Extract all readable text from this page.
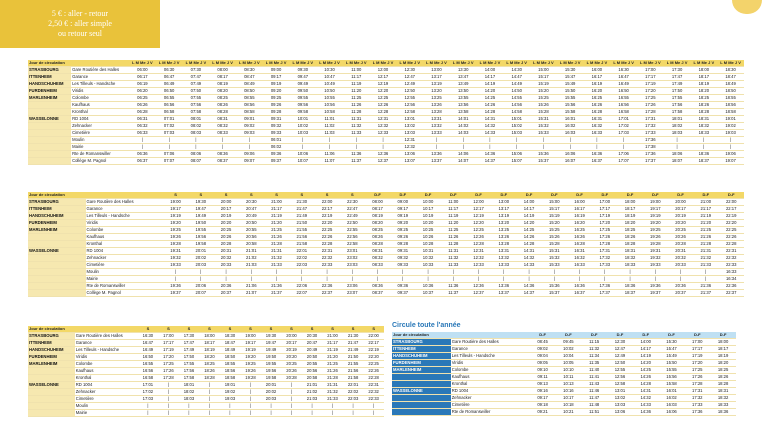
5 € : aller - retour
2,50 € : aller simple
ou retour seul
Jour de circulation		L M Me J V	L M Me J V	L M Me J V	L M Me J V	L M Me J V	L M Me J V	L M Me J V	L M Me J V	L M Me J V	L M Me J V	L M Me J V	L M Me J V	L M Me J V	L M Me J V	L M Me J V	L M Me J V	L M Me J V	L M Me J V	L M Me J V	L M Me J V	L M Me J V	L M Me J V	L M Me J V
STRASBOURG	Gare Routière des Halles	06:00	06:30	07:30	08:00	08:30	09:00	09:30	10:30	11:00	12:00	12:30	13:00	13:30	14:00	14:30	15:00	15:30	16:00	16:30	17:00	17:30	18:00	18:30
ITTENHEIM	Garance	06:17	06:47	07:47	08:17	08:47	09:17	09:47	10:47	11:17	12:17	12:47	13:17	13:47	14:17	14:47	15:17	15:47	16:17	16:47	17:17	17:47	18:17	18:47
HANDSCHUHEIM	Les Tilleuls - Handsche	06:19	06:49	07:49	08:19	08:49	09:19	09:49	10:49	11:19	12:19	12:49	13:19	13:49	14:19	14:49	15:19	15:49	16:19	16:49	17:19	17:49	18:19	18:49
FURDENHEIM	Viridis	06:20	06:50	07:50	08:20	08:50	09:20	09:50	10:50	11:20	12:20	12:50	13:20	13:50	14:20	14:50	15:20	15:50	16:20	16:50	17:20	17:50	18:20	18:50
MARLENHEIM	Colombe	06:25	06:55	07:55	08:25	08:55	09:25	09:55	10:55	11:25	12:25	12:55	13:25	13:55	14:25	14:55	15:25	15:55	16:25	16:55	17:25	17:55	18:25	18:55
	Kaufhaus	06:26	06:56	07:56	08:26	08:56	09:26	09:56	10:56	11:26	12:26	12:56	13:26	13:56	14:26	14:56	15:26	15:56	16:26	16:56	17:26	17:56	18:26	18:56
	Kronthal	06:28	06:58	07:58	08:28	08:58	09:28	09:58	10:58	11:28	12:28	12:58	13:28	13:58	14:28	14:58	15:28	15:58	16:28	16:58	17:28	17:58	18:28	18:58
WASSELONNE	RD 1004	06:31	07:01	08:01	08:31	09:01	09:31	10:01	11:01	11:31	12:31	13:01	13:31	14:01	14:31	15:01	15:31	16:01	16:31	17:01	17:31	18:01	18:31	19:01
	Zehnacker	06:32	07:02	08:02	08:32	09:02	09:32	10:02	11:02	11:32	12:32	13:02	13:32	14:02	14:32	15:02	15:32	16:02	16:32	17:02	17:32	18:02	18:32	19:02
	Cimetière	06:33	07:03	08:03	08:33	09:03	09:33	10:03	11:03	11:33	12:33	13:03	13:33	14:03	14:33	15:03	15:33	16:03	16:33	17:03	17:33	18:03	18:33	19:03
	Moulin	|	|	|	|	|	06:01	|	|	|	|	12:31	|	|	|	|	|	|	|	|	17:36	|	|	|
	Mairie	|	|	|	|	|	06:02	|	|	|	|	12:32	|	|	|	|	|	|	|	|	17:38	|	|	|
	Rte de Romanswiller	06:36	07:06	08:06	08:36	09:06	09:36	10:06	11:06	11:36	12:36	13:06	13:36	14:06	14:36	15:06	15:36	16:06	16:36	17:06	17:36	18:06	18:36	19:06
	Collège M. Pagnol	06:37	07:07	08:07	08:37	09:07	09:37	10:07	11:07	11:37	12:37	13:07	13:37	14:07	14:37	15:07	15:37	16:07	16:37	17:07	17:37	18:07	18:37	19:07
Jour de circulation		S	S	S	S	S	S	S	S	D-F	D-F	D-F	D-F	D-F	D-F	D-F	D-F	D-F	D-F	D-F	D-F	D-F	D-F	D-F
STRASBOURG	Gare Routière des Halles	19:00	19:30	20:00	20:30	21:00	21:30	22:00	22:30	08:00	09:00	10:00	11:00	12:00	13:00	14:00	15:00	16:00	17:00	18:00	19:00	20:00	21:00	22:00
ITTENHEIM	Garance	19:17	19:47	20:17	20:47	21:17	21:47	22:17	22:47	08:17	09:17	10:17	11:17	12:17	13:17	14:17	15:17	16:17	17:17	18:17	19:17	20:17	21:17	22:17
HANDSCHUHEIM	Les Tilleuls - Handsche	19:19	19:49	20:19	20:49	21:19	21:49	22:19	22:49	08:19	09:19	10:19	11:19	12:19	13:19	14:19	15:19	16:19	17:19	18:19	19:19	20:19	21:19	22:19
FURDENHEIM	Viridis	19:20	19:50	20:20	20:50	21:20	21:50	22:20	22:50	08:20	09:20	10:20	11:20	12:20	13:20	14:20	15:20	16:20	17:20	18:20	19:20	20:20	21:20	22:20
MARLENHEIM	Colombe	19:25	19:55	20:25	20:55	21:25	21:55	22:25	22:55	08:25	09:25	10:25	11:25	12:25	13:25	14:25	15:25	16:25	17:25	18:25	19:25	20:25	21:25	22:25
	Kaufhaus	19:26	19:56	20:26	20:56	21:26	21:56	22:26	22:56	08:26	09:26	10:26	11:26	12:26	13:26	14:26	15:26	16:26	17:26	18:26	19:26	20:26	21:26	22:26
	Kronthal	19:28	19:58	20:28	20:58	21:28	21:58	22:28	22:58	08:28	09:28	10:28	11:28	12:28	13:28	14:28	15:28	16:28	17:28	18:28	19:28	20:28	21:28	22:28
WASSELONNE	RD 1004	19:31	20:01	20:31	21:01	21:31	22:01	22:31	23:01	08:31	09:31	10:31	11:31	12:31	13:31	14:31	15:31	16:31	17:31	18:31	19:31	20:31	21:31	22:31
	Zehnacker	19:32	20:02	20:32	21:02	21:32	22:02	22:32	23:02	08:32	09:32	10:32	11:32	12:32	13:32	14:32	15:32	16:32	17:32	18:32	19:32	20:32	21:32	22:32
	Cimetière	19:33	20:03	20:33	21:03	21:33	22:03	22:33	23:03	08:33	09:33	10:33	11:33	12:33	13:33	14:33	15:33	16:33	17:33	18:33	19:33	20:33	21:33	22:33
	Moulin	|	|	|	|	|	|	|	|	|	|	|	|	|	|	|	|	|	|	|	|	|	|	16:33
	Mairie	|	|	|	|	|	|	|	|	|	|	|	|	|	|	|	|	|	|	|	|	|	|	16:34
	Rte de Romanswiller	19:36	20:06	20:36	21:06	21:36	22:06	22:36	23:06	08:36	09:36	10:36	11:36	12:36	13:36	14:36	15:36	16:36	17:36	18:36	19:36	20:36	21:36	22:36
	Collège M. Pagnol	19:37	20:07	20:37	21:07	21:37	22:07	22:37	23:07	08:37	09:37	10:37	11:37	12:37	13:37	14:37	15:37	16:37	17:37	18:37	19:37	20:37	21:37	22:37
Jour de circulation		S	S	S	S	S	S	S	S	S	S	S	S
STRASBOURG	Gare Routière des Halles	16:30	17:00	17:30	18:00	18:30	19:00	19:30	20:00	20:30	21:00	21:30	22:00
ITTENHEIM	Garance	16:47	17:17	17:47	18:17	18:47	19:17	19:47	20:17	20:47	21:17	21:47	22:17
HANDSCHUHEIM	Les Tilleuls - Handsche	16:49	17:19	17:49	18:19	18:49	19:19	19:49	20:19	20:49	21:19	21:49	22:19
FURDENHEIM	Viridis	16:50	17:20	17:50	18:20	18:50	19:20	19:50	20:20	20:50	21:20	21:50	22:20
MARLENHEIM	Colombe	16:55	17:25	17:55	18:25	18:55	19:25	19:55	20:25	20:55	21:25	21:55	22:25
	Kaufhaus	16:56	17:26	17:56	18:26	18:56	19:26	19:56	20:26	20:56	21:26	21:56	22:26
	Kronthal	16:58	17:28	17:58	18:28	18:58	19:28	19:58	20:28	20:58	21:28	21:58	22:28
WASSELONNE	RD 1004	17:01	|	18:01	|	19:01	|	20:01	|	21:01	21:31	22:01	22:31
	Zehnacker	17:02	|	18:02	|	19:02	|	20:02	|	21:02	21:32	22:02	22:32
	Cimetière	17:03	|	18:03	|	19:03	|	20:03	|	21:03	21:33	22:03	22:33
	Moulin	|	|	|	|	|	|	|	|	|	|	|	|
	Mairie	|	|	|	|	|	|	|	|	|	|	|	|
Circule toute l'année
Jour de circulation		D-F	D-F	D-F	D-F	D-F	D-F	D-F	D-F
STRASBOURG	Gare Routière des Halles	08:45	09:45	11:15	12:30	14:00	15:30	17:00	18:00
ITTENHEIM	Garance	09:02	10:02	11:32	12:47	14:17	15:47	17:17	18:17
HANDSCHUHEIM	Les Tilleuls - Handsche	09:04	10:04	11:34	12:49	14:19	15:49	17:19	18:19
FURDENHEIM	Viridis	09:05	10:05	11:35	12:50	14:20	15:50	17:20	18:20
MARLENHEIM	Colombe	09:10	10:10	11:40	12:55	14:25	15:55	17:25	18:25
	Kaufhaus	09:11	10:11	11:41	12:56	14:26	15:56	17:26	18:26
	Kronthal	09:13	10:13	11:43	12:58	14:28	15:58	17:28	18:28
WASSELONNE	RD 1004	09:16	10:16	11:46	13:01	14:31	16:01	17:31	18:31
	Zehnacker	09:17	10:17	11:47	13:02	14:32	16:02	17:32	18:32
	Cimetière	09:18	10:18	11:48	13:03	14:33	16:03	17:33	18:33
	Rte de Romanswiller	09:21	10:21	11:51	13:06	14:36	16:06	17:36	18:36
